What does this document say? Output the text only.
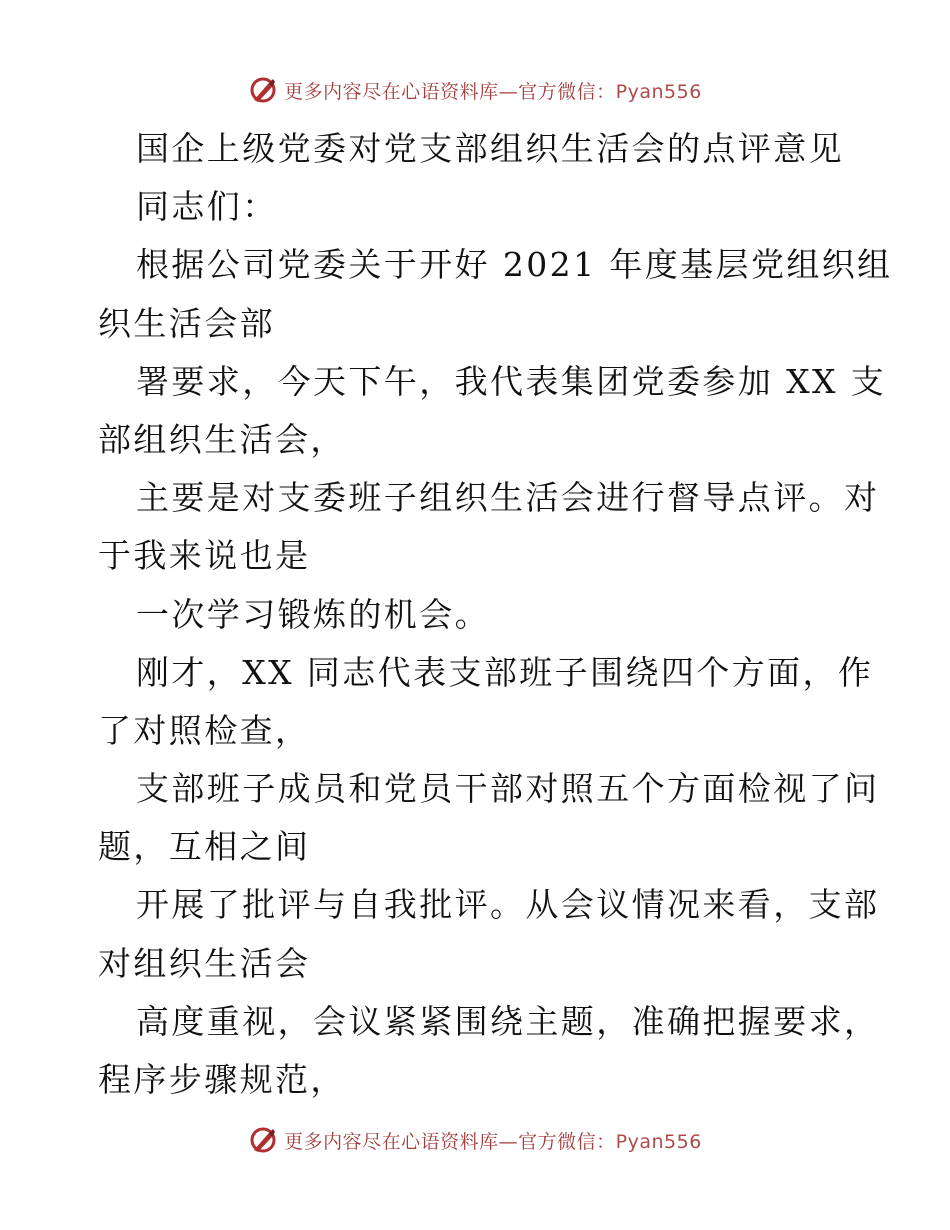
更多内容尽在心语资料库—官方微信：Pyan556
国企上级党委对党支部组织生活会的点评意见
同志们：
根据公司党委关于开好 2021 年度基层党组织组
织生活会部
署要求，今天下午，我代表集团党委参加 XX 支
部组织生活会，
主要是对支委班子组织生活会进行督导点评。对
于我来说也是
一次学习锻炼的机会。
刚才，XX 同志代表支部班子围绕四个方面，作
了对照检查，
支部班子成员和党员干部对照五个方面检视了问
题，互相之间
开展了批评与自我批评。从会议情况来看，支部
对组织生活会
高度重视，会议紧紧围绕主题，准确把握要求，
程序步骤规范，
更多内容尽在心语资料库—官方微信：Pyan556
